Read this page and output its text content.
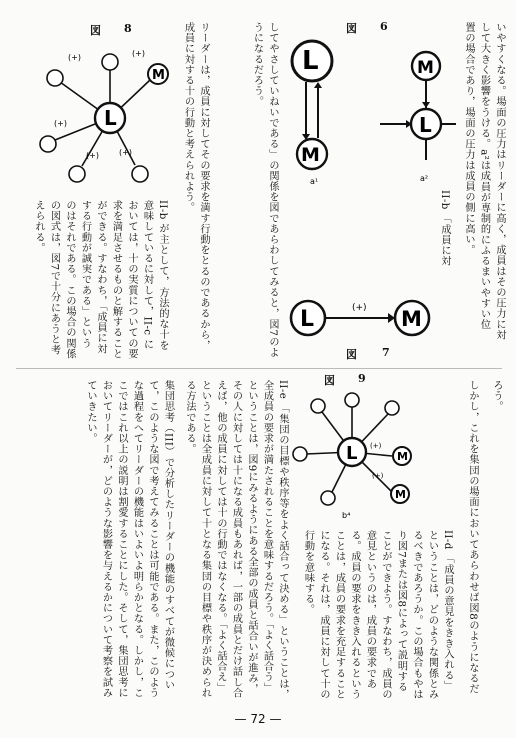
図 8
L
M
(+)	(+)
(+)
(+)	(+)
図 6
L
M
M
L
a¹	a²	いやすくなる。場面の圧力はリーダーに高く，成員はその圧力に対して大きく影響をうける。a²は成員が専制的にふるまいやすい位置の場合であり，場面の圧力は成員の側に高い。
II-b 「成員に対
してやさしていねいである」の関係を図であらわしてみると，図7のようになるだろう。
リーダーは，成員に対してその要求を満す行動をとるのであるから，成員に対する十の行動と考えられよう。
II-b が主として，方法的な十を意味しているに対して，II-c においては，十の実質についての要求を満足させるものと解することができる。すなわち，「成員に対する行動が誠実である」という のはそれである。この場合の関係の図式は，図7で十分にあうと考えられる。
L	M
(+)
図 7
図 9
L	M
M
(+)
(+)
b⁴
ろう。
しかし，これを集団の場面においてあらわせば図8のようになるだ
II-d 「成員の意見をきき入れる」ということは，どのような関係とみるべきであろうか。この場合もやはり図7または図8によって説明することができよう。すなわち，成員の意見というのは，成員の要求である。成員の要求をきき入れるということは，成員の要求を充足することになる。それは，成員に対して十の行動を意味する。
II-e 「集団の目標や秩序等をよく話合って決める」ということは，全成員の要求が満たされることを意味するだろう。「よく話合う」ということは，図9にみるようにある全部の成員と話合いが進み，その人に対しては十になる成員もあれば，一部の成員とだけ話し合えば，他の成員に対しては十の行動ではなくなる。「よく話合え」ということは全成員に対して十となる集団の目標や秩序が決められる方法である。
集団思考（III）で分析したリーダーの機能のすべてが微候について，このような図で考えてみることは可能である。また，このような過程をへてリーダーの機能はいよいよ明らかとなる。しかし，ここではこれ以上の説明は割愛することにした。そして，集団思考においてリーダーが，どのような影響を与えるかについて考察を試みていきたい。
— 72 —
